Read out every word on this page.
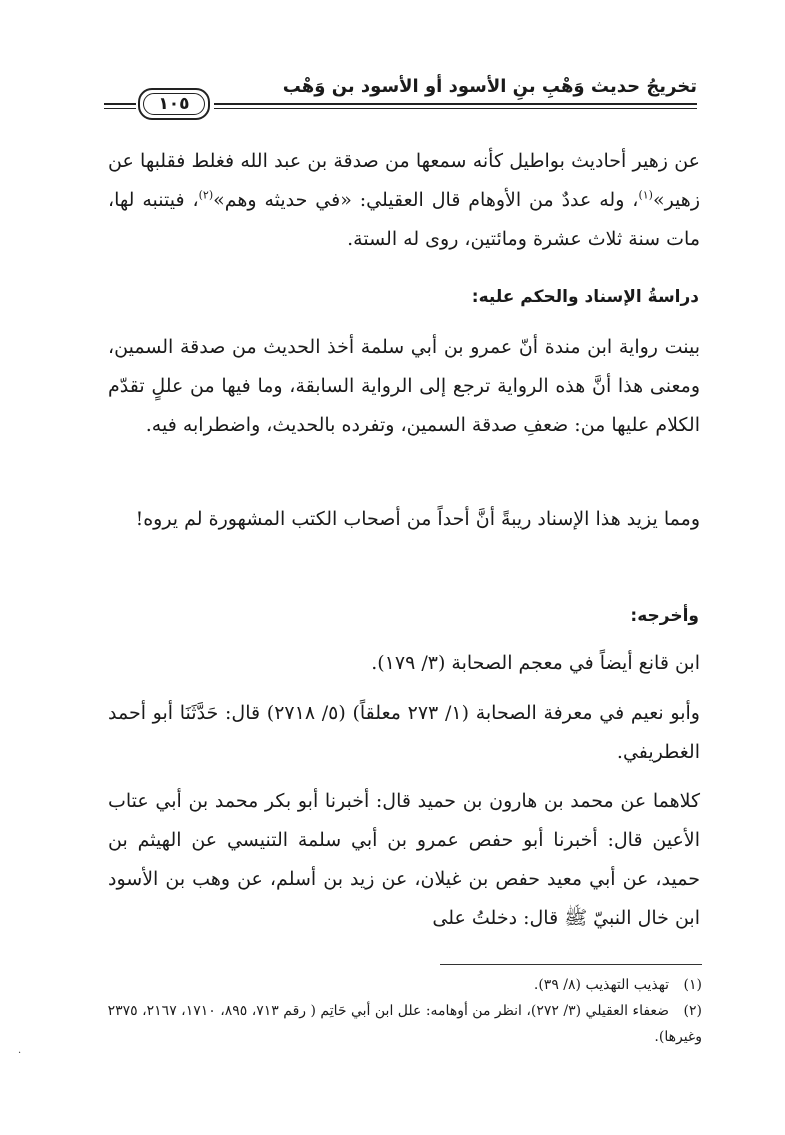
تخريجُ حديث وَهْبِ بنِ الأسود أو الأسود بن وَهْب
١٠٥

عن زهير أحاديث بواطيل كأنه سمعها من صدقة بن عبد الله فغلط فقلبها عن زهير»$^{(١)}$، وله عددٌ من الأوهام قال العقيلي: «في حديثه وهم»$^{(٢)}$، فيتنبه لها، مات سنة ثلاث عشرة ومائتين، روى له الستة.

دراسةُ الإسناد والحكم عليه:

بينت رواية ابن مندة أنّ عمرو بن أبي سلمة أخذ الحديث من صدقة السمين، ومعنى هذا أنَّ هذه الرواية ترجع إلى الرواية السابقة، وما فيها من عللٍ تقدّم الكلام عليها من: ضعفِ صدقة السمين، وتفرده بالحديث، واضطرابه فيه.

ومما يزيد هذا الإسناد ريبةً أنَّ أحداً من أصحاب الكتب المشهورة لم يروه!

وأخرجه:

ابن قانع أيضاً في معجم الصحابة (٣/ ١٧٩).

وأبو نعيم في معرفة الصحابة (١/ ٢٧٣ معلقاً) (٥/ ٢٧١٨) قال: حَدَّثَنَا أبو أحمد الغطريفي.

كلاهما عن محمد بن هارون بن حميد قال: أخبرنا أبو بكر محمد بن أبي عتاب الأعين قال: أخبرنا أبو حفص عمرو بن أبي سلمة التنيسي عن الهيثم بن حميد، عن أبي معيد حفص بن غيلان، عن زيد بن أسلم، عن وهب بن الأسود ابن خال النبيّ ﷺ قال: دخلتُ على

(١) تهذيب التهذيب (٨/ ٣٩).

(٢) ضعفاء العقيلي (٣/ ٢٧٢)، انظر من أوهامه: علل ابن أبي حَاتِم ( رقم ٧١٣، ٨٩٥، ١٧١٠، ٢١٦٧، ٢٣٧٥ وغيرها).

·
